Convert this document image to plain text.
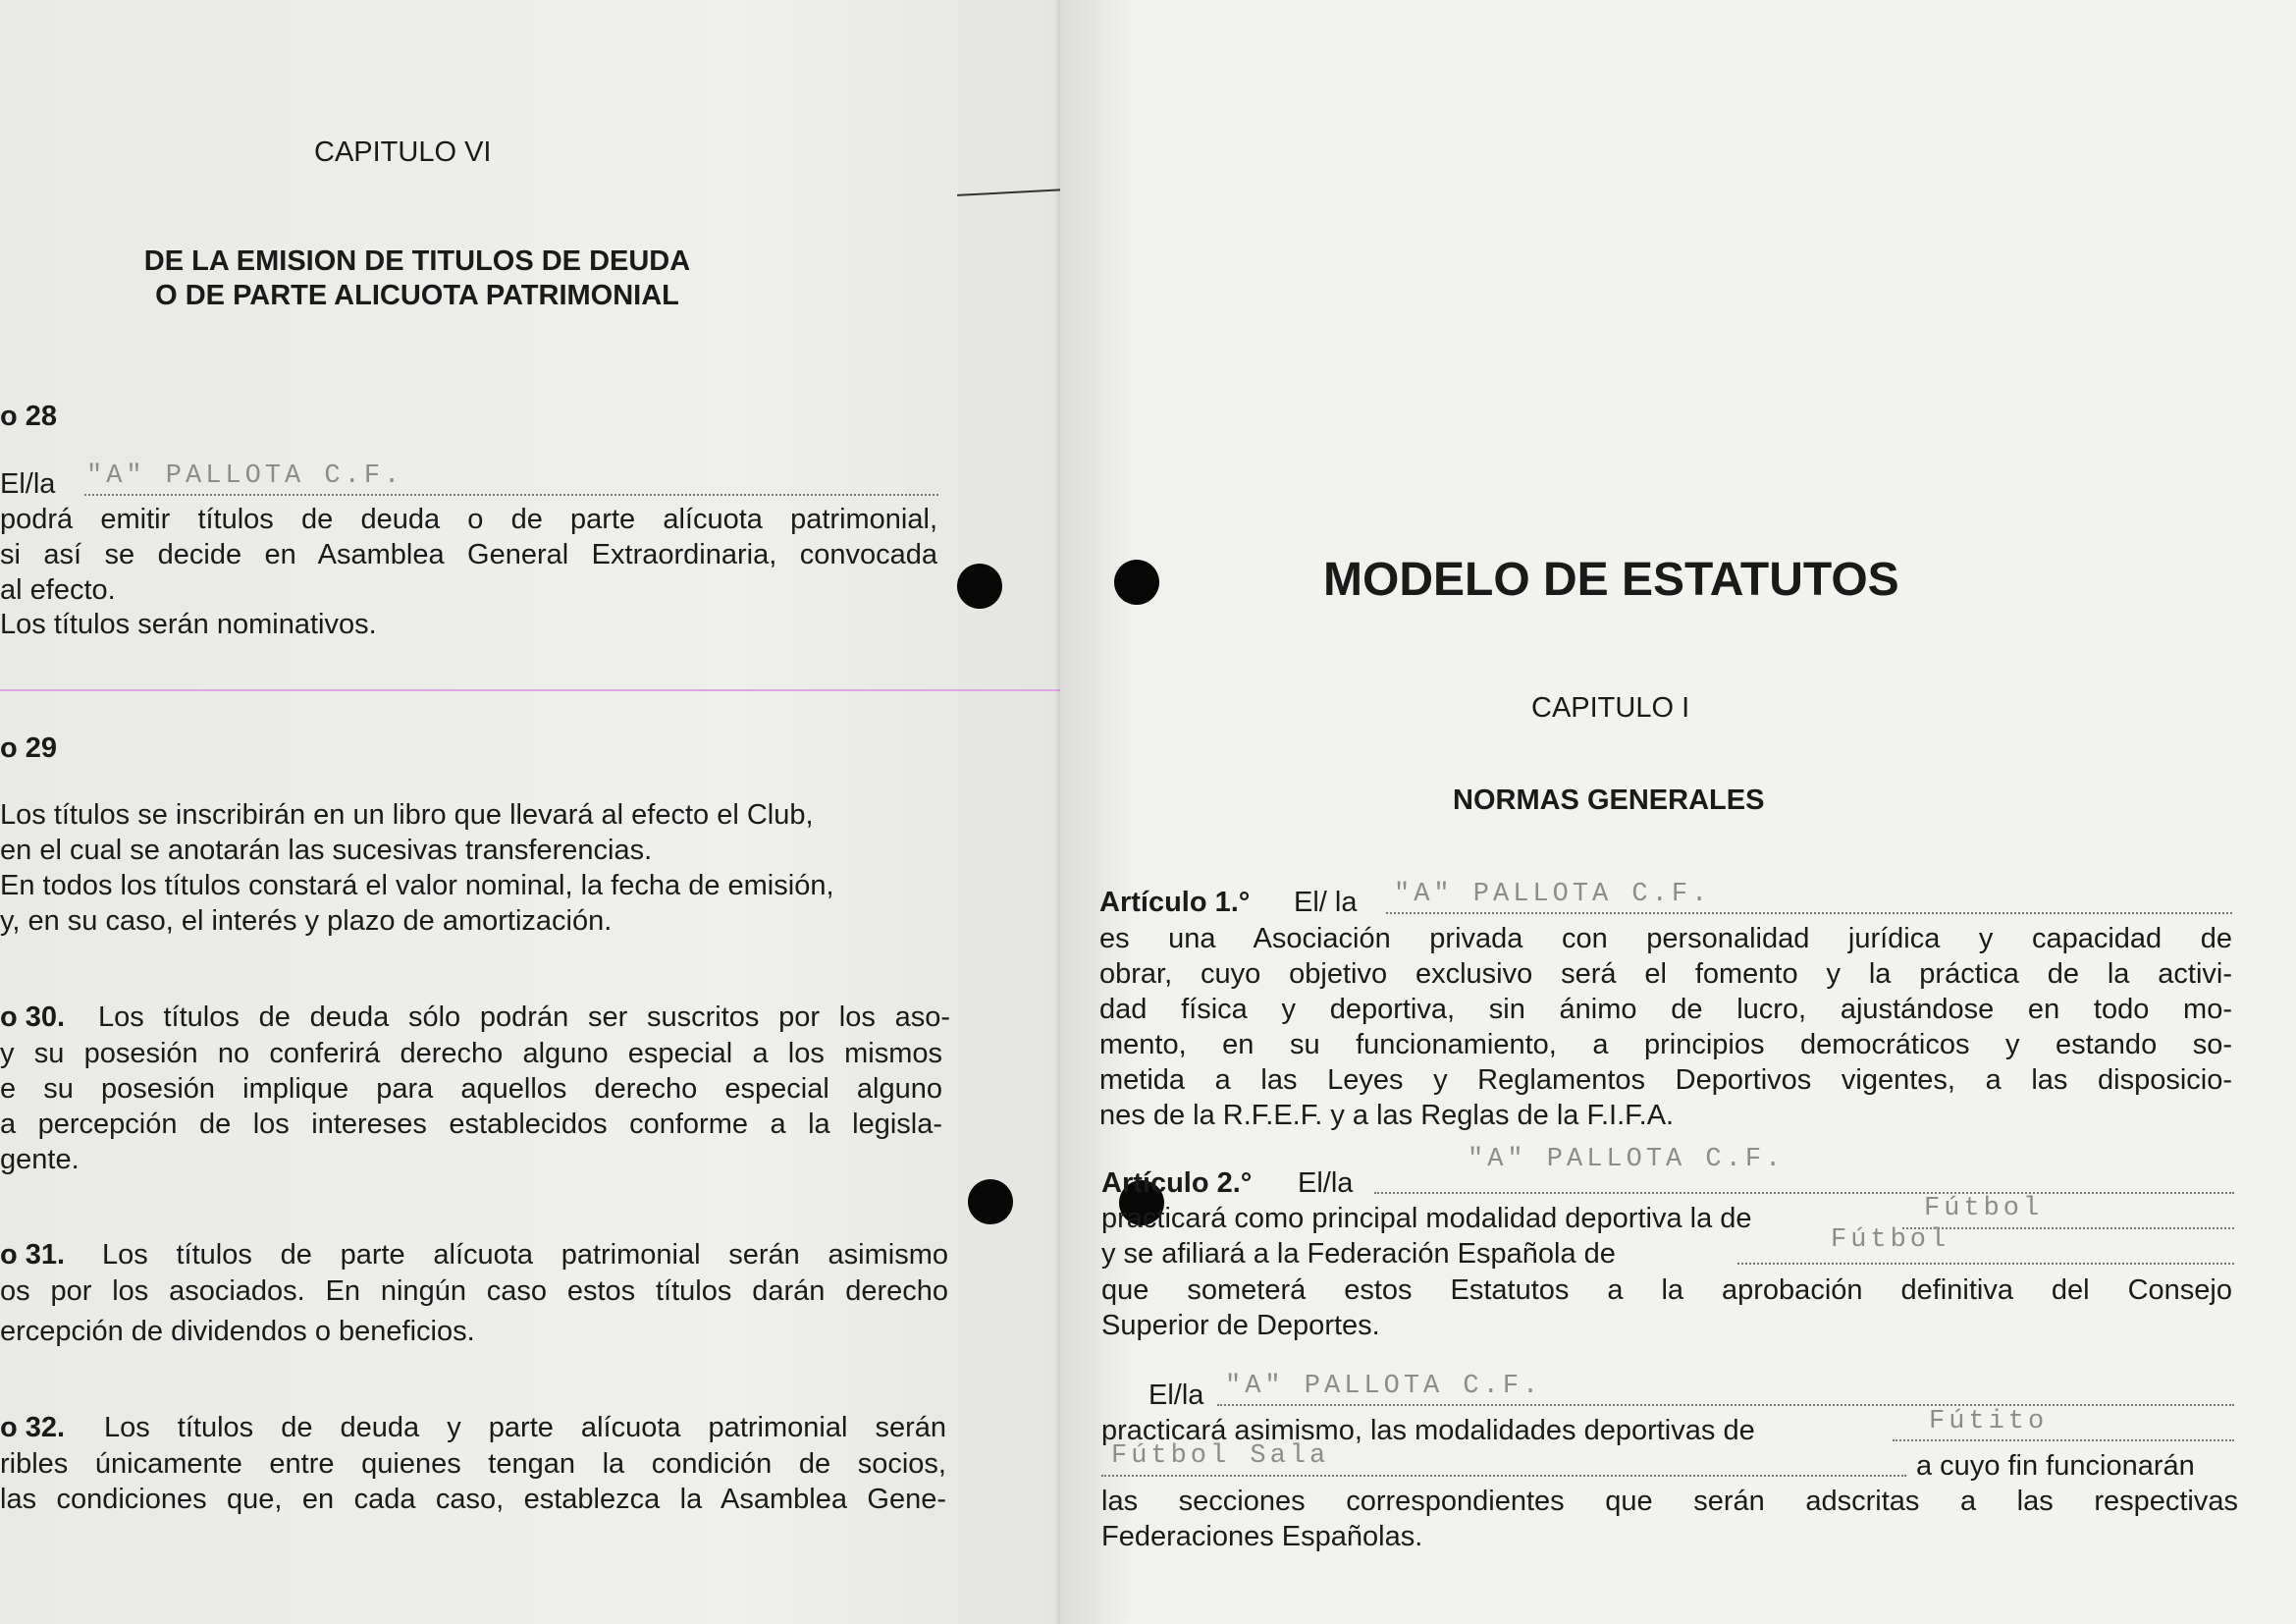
CAPITULO VI
DE LA EMISION DE TITULOS DE DEUDA
O DE PARTE ALICUOTA PATRIMONIAL
o 28
El/la "A" PALLOTA C.F.
podrá emitir títulos de deuda o de parte alícuota patrimonial,
si así se decide en Asamblea General Extraordinaria, convocada
al efecto.
Los títulos serán nominativos.
o 29
Los títulos se inscribirán en un libro que llevará al efecto el Club,
en el cual se anotarán las sucesivas transferencias.
En todos los títulos constará el valor nominal, la fecha de emisión,
y, en su caso, el interés y plazo de amortización.
o 30. Los títulos de deuda sólo podrán ser suscritos por los aso-
y su posesión no conferirá derecho alguno especial a los mismos
e su posesión implique para aquellos derecho especial alguno
a percepción de los intereses establecidos conforme a la legisla-
gente.
o 31. Los títulos de parte alícuota patrimonial serán asimismo
os por los asociados. En ningún caso estos títulos darán derecho
ercepción de dividendos o beneficios.
o 32. Los títulos de deuda y parte alícuota patrimonial serán
ribles únicamente entre quienes tengan la condición de socios,
las condiciones que, en cada caso, establezca la Asamblea Gene-
MODELO DE ESTATUTOS
CAPITULO I
NORMAS GENERALES
Artículo 1.° El/ la "A" PALLOTA C.F.
es una Asociación privada con personalidad jurídica y capacidad de
obrar, cuyo objetivo exclusivo será el fomento y la práctica de la activi-
dad física y deportiva, sin ánimo de lucro, ajustándose en todo mo-
mento, en su funcionamiento, a principios democráticos y estando so-
metida a las Leyes y Reglamentos Deportivos vigentes, a las disposicio-
nes de la R.F.E.F. y a las Reglas de la F.I.F.A.
Artículo 2.° El/la
"A" PALLOTA C.F.
practicará como principal modalidad deportiva la de	Fútbol
y se afiliará a la Federación Española de	Fútbol
que someterá estos Estatutos a la aprobación definitiva del Consejo
Superior de Deportes.
El/la "A" PALLOTA C.F.
practicará asimismo, las modalidades deportivas de	Fútito
Fútbol Sala	a cuyo fin funcionarán
las secciones correspondientes que serán adscritas a las respectivas
Federaciones Españolas.
